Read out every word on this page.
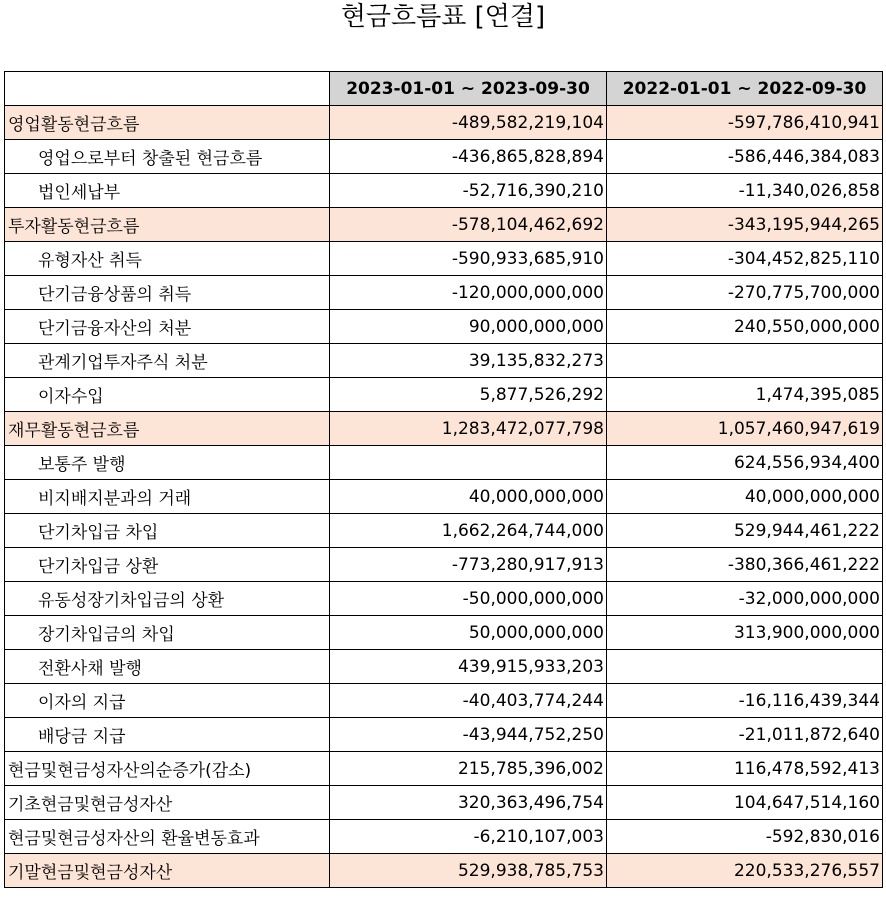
현금흐름표 [연결]
	2023-01-01 ~ 2023-09-30	2022-01-01 ~ 2022-09-30
영업활동현금흐름	-489,582,219,104	-597,786,410,941
영업으로부터 창출된 현금흐름	-436,865,828,894	-586,446,384,083
법인세납부	-52,716,390,210	-11,340,026,858
투자활동현금흐름	-578,104,462,692	-343,195,944,265
유형자산 취득	-590,933,685,910	-304,452,825,110
단기금융상품의 취득	-120,000,000,000	-270,775,700,000
단기금융자산의 처분	90,000,000,000	240,550,000,000
관계기업투자주식 처분	39,135,832,273	
이자수입	5,877,526,292	1,474,395,085
재무활동현금흐름	1,283,472,077,798	1,057,460,947,619
보통주 발행		624,556,934,400
비지배지분과의 거래	40,000,000,000	40,000,000,000
단기차입금 차입	1,662,264,744,000	529,944,461,222
단기차입금 상환	-773,280,917,913	-380,366,461,222
유동성장기차입금의 상환	-50,000,000,000	-32,000,000,000
장기차입금의 차입	50,000,000,000	313,900,000,000
전환사채 발행	439,915,933,203	
이자의 지급	-40,403,774,244	-16,116,439,344
배당금 지급	-43,944,752,250	-21,011,872,640
현금및현금성자산의순증가(감소)	215,785,396,002	116,478,592,413
기초현금및현금성자산	320,363,496,754	104,647,514,160
현금및현금성자산의 환율변동효과	-6,210,107,003	-592,830,016
기말현금및현금성자산	529,938,785,753	220,533,276,557
